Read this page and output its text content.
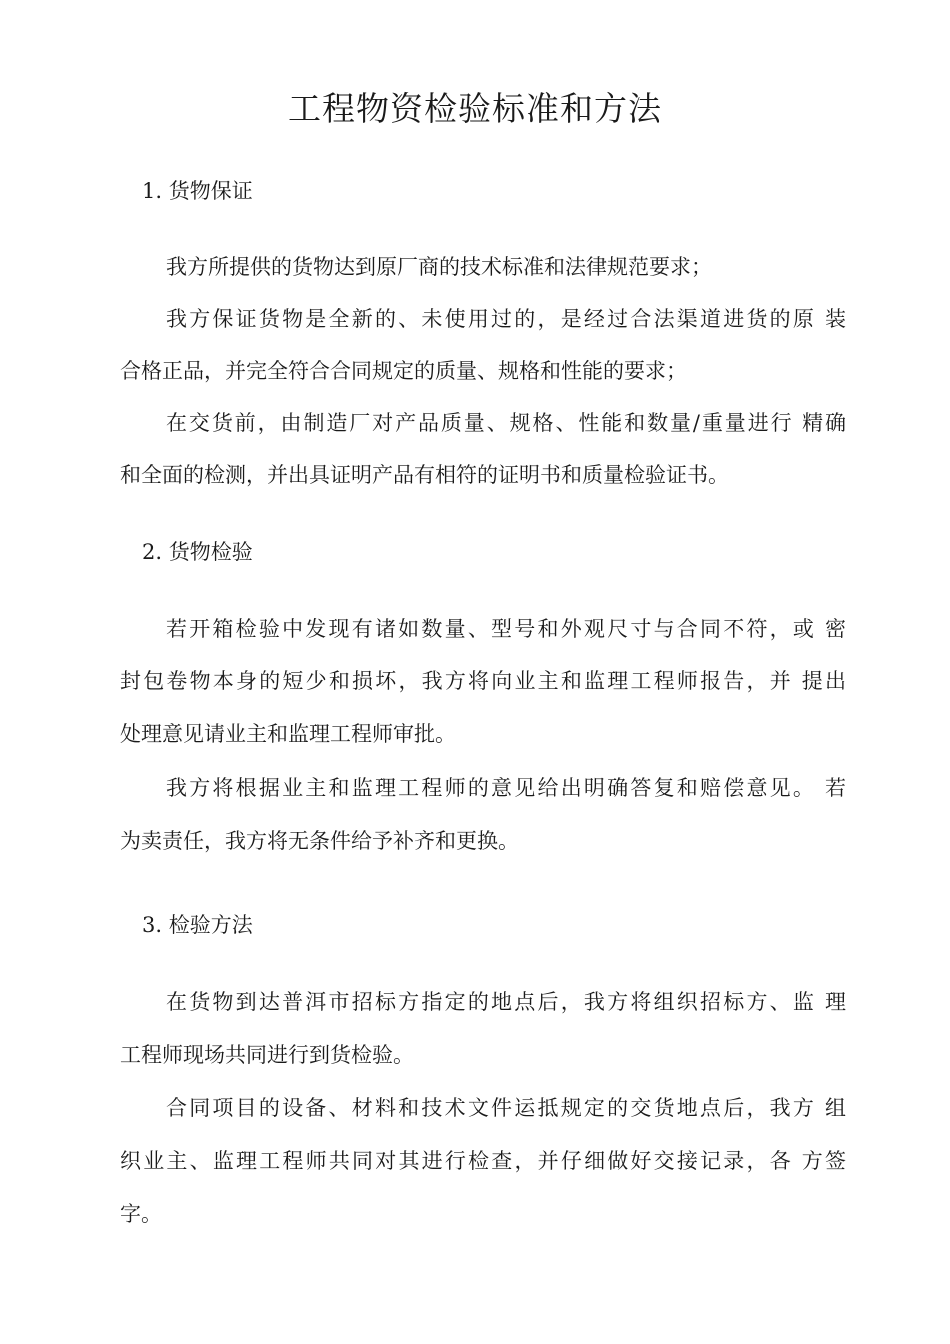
工程物资检验标准和方法

1. 货物保证

我方所提供的货物达到原厂商的技术标准和法律规范要求；

我方保证货物是全新的、未使用过的，是经过合法渠道进货的原 装

合格正品，并完全符合合同规定的质量、规格和性能的要求；

在交货前，由制造厂对产品质量、规格、性能和数量/重量进行 精确

和全面的检测，并出具证明产品有相符的证明书和质量检验证书。

2. 货物检验

若开箱检验中发现有诸如数量、型号和外观尺寸与合同不符，或 密

封包卷物本身的短少和损坏，我方将向业主和监理工程师报告，并 提出

处理意见请业主和监理工程师审批。

我方将根据业主和监理工程师的意见给出明确答复和赔偿意见。 若

为卖责任，我方将无条件给予补齐和更换。

3. 检验方法

在货物到达普洱市招标方指定的地点后，我方将组织招标方、监 理

工程师现场共同进行到货检验。

合同项目的设备、材料和技术文件运抵规定的交货地点后，我方 组

织业主、监理工程师共同对其进行检查，并仔细做好交接记录，各 方签

字。
